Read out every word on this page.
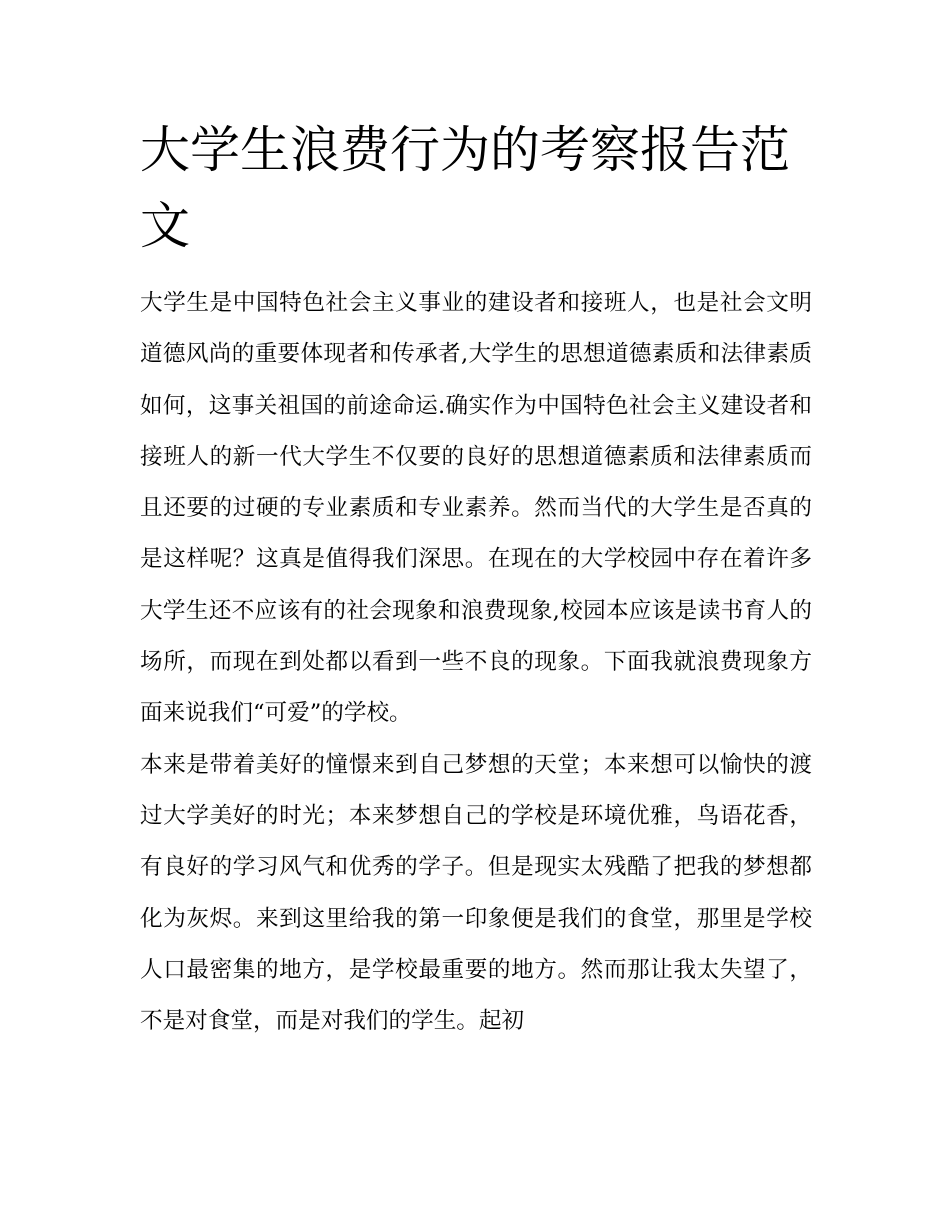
大学生浪费行为的考察报告范文

大学生是中国特色社会主义事业的建设者和接班人，也是社会文明道德风尚的重要体现者和传承者,大学生的思想道德素质和法律素质如何，这事关祖国的前途命运.确实作为中国特色社会主义建设者和接班人的新一代大学生不仅要的良好的思想道德素质和法律素质而且还要的过硬的专业素质和专业素养。然而当代的大学生是否真的是这样呢？这真是值得我们深思。在现在的大学校园中存在着许多大学生还不应该有的社会现象和浪费现象,校园本应该是读书育人的场所，而现在到处都以看到一些不良的现象。下面我就浪费现象方面来说我们“可爱”的学校。

本来是带着美好的憧憬来到自己梦想的天堂；本来想可以愉快的渡过大学美好的时光；本来梦想自己的学校是环境优雅，鸟语花香，有良好的学习风气和优秀的学子。但是现实太残酷了把我的梦想都化为灰烬。来到这里给我的第一印象便是我们的食堂，那里是学校人口最密集的地方，是学校最重要的地方。然而那让我太失望了，不是对食堂，而是对我们的学生。起初
